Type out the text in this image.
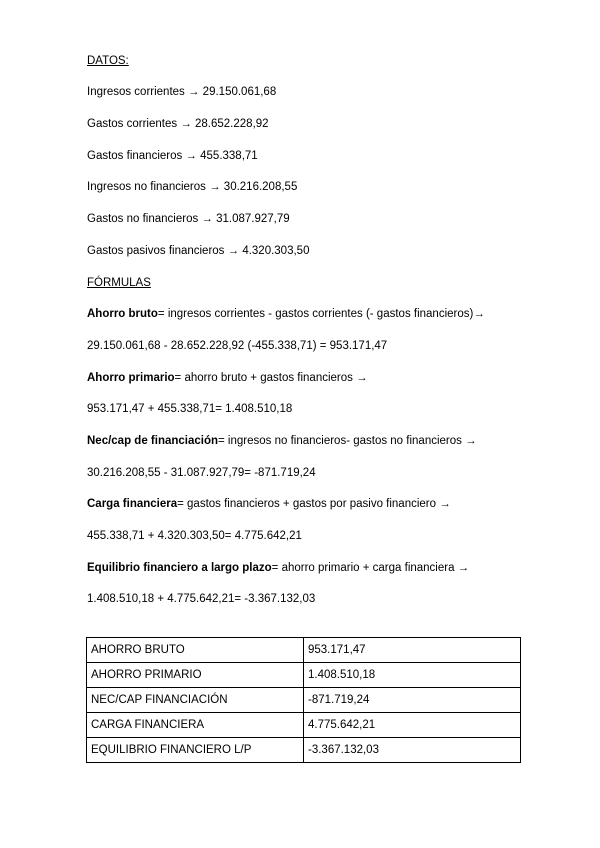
DATOS:
Ingresos corrientes → 29.150.061,68
Gastos corrientes → 28.652.228,92
Gastos financieros → 455.338,71
Ingresos no financieros → 30.216.208,55
Gastos no financieros → 31.087.927,79
Gastos pasivos financieros → 4.320.303,50
FÓRMULAS
Ahorro bruto= ingresos corrientes - gastos corrientes (- gastos financieros)→
29.150.061,68 - 28.652.228,92 (-455.338,71) = 953.171,47
Ahorro primario= ahorro bruto + gastos financieros →
953.171,47 + 455.338,71= 1.408.510,18
Nec/cap de financiación= ingresos no financieros- gastos no financieros →
30.216.208,55 - 31.087.927,79= -871.719,24
Carga financiera= gastos financieros + gastos por pasivo financiero →
455.338,71 + 4.320.303,50= 4.775.642,21
Equilibrio financiero a largo plazo= ahorro primario + carga financiera →
1.408.510,18 + 4.775.642,21= -3.367.132,03
AHORRO BRUTO	953.171,47
AHORRO PRIMARIO	1.408.510,18
NEC/CAP FINANCIACIÓN	-871.719,24
CARGA FINANCIERA	4.775.642,21
EQUILIBRIO FINANCIERO L/P	-3.367.132,03
